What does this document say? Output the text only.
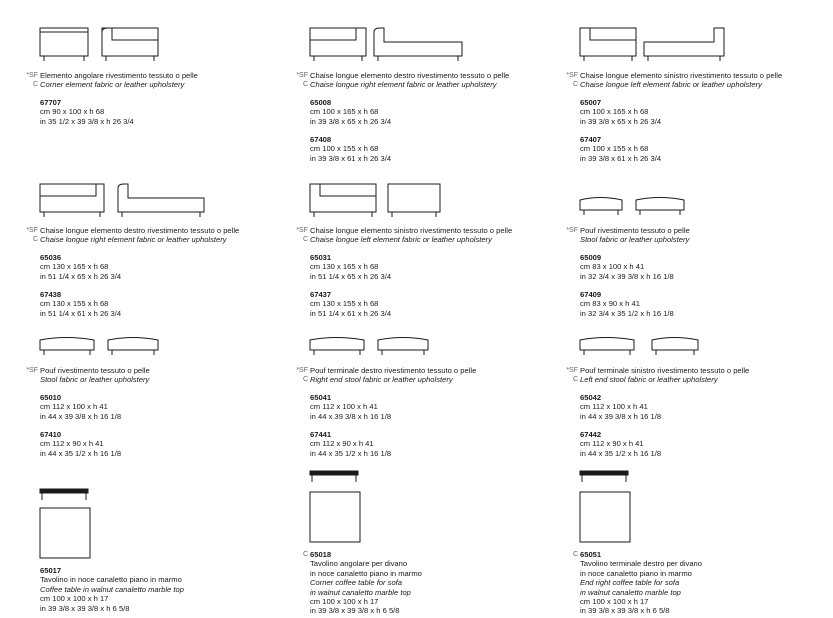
*SF
C
Elemento angolare rivestimento tessuto o pelle
Corner element fabric or leather upholstery
67707
cm 90 x 100 x h 68
in 35 1/2 x 39 3/8 x h 26 3/4
*SF
C
Chaise longue elemento destro rivestimento tessuto o pelle
Chaise longue right element fabric or leather upholstery
65008
cm 100 x 165 x h 68
in 39 3/8 x 65 x h 26 3/4
67408
cm 100 x 155 x h 68
in 39 3/8 x 61 x h 26 3/4
*SF
C
Chaise longue elemento sinistro rivestimento tessuto o pelle
Chaise longue left element fabric or leather upholstery
65007
cm 100 x 165 x h 68
in 39 3/8 x 65 x h 26 3/4
67407
cm 100 x 155 x h 68
in 39 3/8 x 61 x h 26 3/4
*SF
C
Chaise longue elemento destro rivestimento tessuto o pelle
Chaise longue right element fabric or leather upholstery
65036
cm 130 x 165 x h 68
in 51 1/4 x 65 x h 26 3/4
67438
cm 130 x 155 x h 68
in 51 1/4 x 61 x h 26 3/4
*SF
C
Chaise longue elemento sinistro rivestimento tessuto o pelle
Chaise longue left element fabric or leather upholstery
65031
cm 130 x 165 x h 68
in 51 1/4 x 65 x h 26 3/4
67437
cm 130 x 155 x h 68
in 51 1/4 x 61 x h 26 3/4
*SF Pouf rivestimento tessuto o pelle
Stool fabric or leather upholstery
65009
cm 83 x 100 x h 41
in 32 3/4 x 39 3/8 x h 16 1/8
67409
cm 83 x 90 x h 41
in 32 3/4 x 35 1/2 x h 16 1/8
*SF Pouf rivestimento tessuto o pelle
Stool fabric or leather upholstery
65010
cm 112 x 100 x h 41
in 44 x 39 3/8 x h 16 1/8
67410
cm 112 x 90 x h 41
in 44 x 35 1/2 x h 16 1/8
*SF
C
Pouf terminale destro rivestimento tessuto o pelle
Right end stool fabric or leather upholstery
65041
cm 112 x 100 x h 41
in 44 x 39 3/8 x h 16 1/8
67441
cm 112 x 90 x h 41
in 44 x 35 1/2 x h 16 1/8
*SF
C
Pouf terminale sinistro rivestimento tessuto o pelle
Left end stool fabric or leather upholstery
65042
cm 112 x 100 x h 41
in 44 x 39 3/8 x h 16 1/8
67442
cm 112 x 90 x h 41
in 44 x 35 1/2 x h 16 1/8
65017
Tavolino in noce canaletto piano in marmo
Coffee table in walnut canaletto marble top
cm 100 x 100 x h 17
in 39 3/8 x 39 3/8 x h 6 5/8
C 65018
Tavolino angolare per divano
in noce canaletto piano in marmo
Corner coffee table for sofa
in walnut canaletto marble top
cm 100 x 100 x h 17
in 39 3/8 x 39 3/8 x h 6 5/8
C 65051
Tavolino terminale destro per divano
in noce canaletto piano in marmo
End right coffee table for sofa
in walnut canaletto marble top
cm 100 x 100 x h 17
in 39 3/8 x 39 3/8 x h 6 5/8
